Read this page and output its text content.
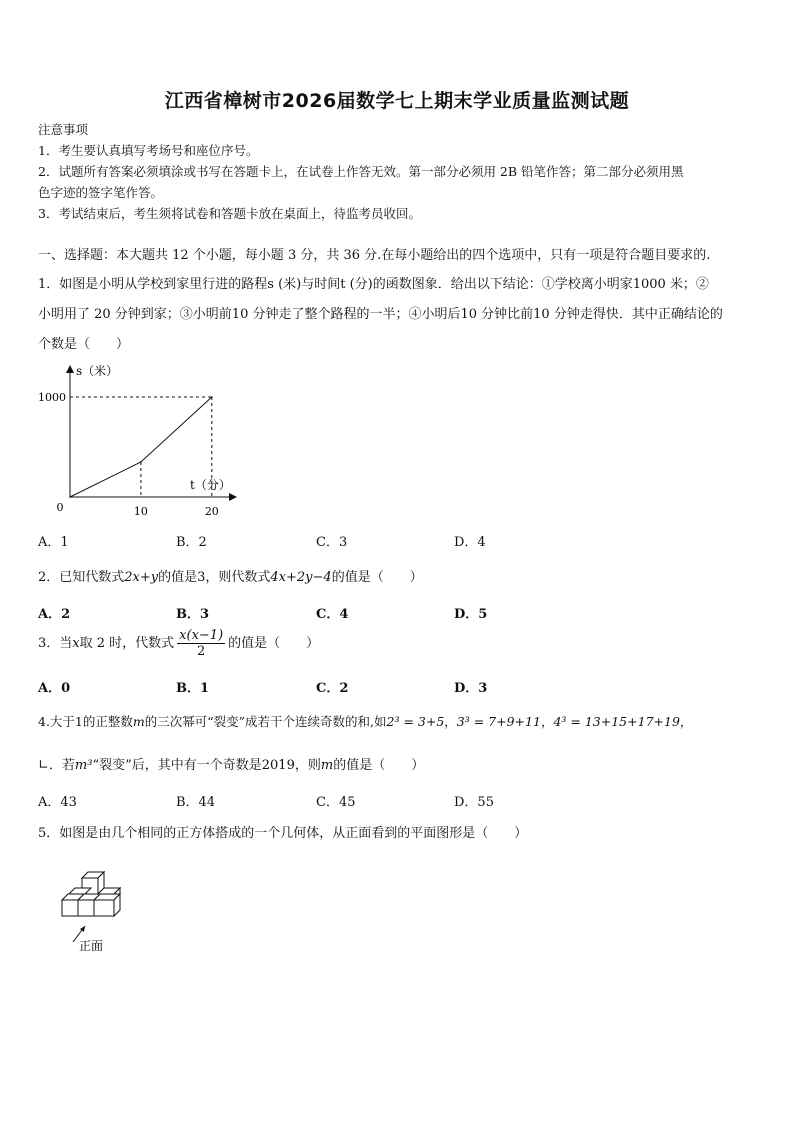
江西省樟树市2026届数学七上期末学业质量监测试题
注意事项
1．考生要认真填写考场号和座位序号。
2．试题所有答案必须填涂或书写在答题卡上，在试卷上作答无效。第一部分必须用 2B 铅笔作答；第二部分必须用黑
色字迹的签字笔作答。
3．考试结束后，考生须将试卷和答题卡放在桌面上，待监考员收回。
一、选择题：本大题共 12 个小题，每小题 3 分，共 36 分.在每小题给出的四个选项中，只有一项是符合题目要求的.
1．如图是小明从学校到家里行进的路程s (米)与时间t (分)的函数图象．给出以下结论：①学校离小明家1000 米；②
小明用了 20 分钟到家；③小明前10 分钟走了整个路程的一半；④小明后10 分钟比前10 分钟走得快．其中正确结论的
个数是（　　）
s（米）
t（分）
0	10	20
1000
A．1	B．2	C．3	D．4
2．已知代数式2x+y的值是3，则代数式4x+2y−4的值是（　　）
A．2	B．3	C．4	D．5
3．当x取 2 时，代数式 $\frac{x(x-1)}{2}$ 的值是（　　）
A．0	B．1	C．2	D．3
4.大于1的正整数m的三次幂可“裂变”成若干个连续奇数的和,如2³ = 3+5，3³ = 7+9+11，4³ = 13+15+17+19，
∟．若m³“裂变”后，其中有一个奇数是2019，则m的值是（　　）
A．43	B．44	C．45	D．55
5．如图是由几个相同的正方体搭成的一个几何体，从正面看到的平面图形是（　　）
正面
